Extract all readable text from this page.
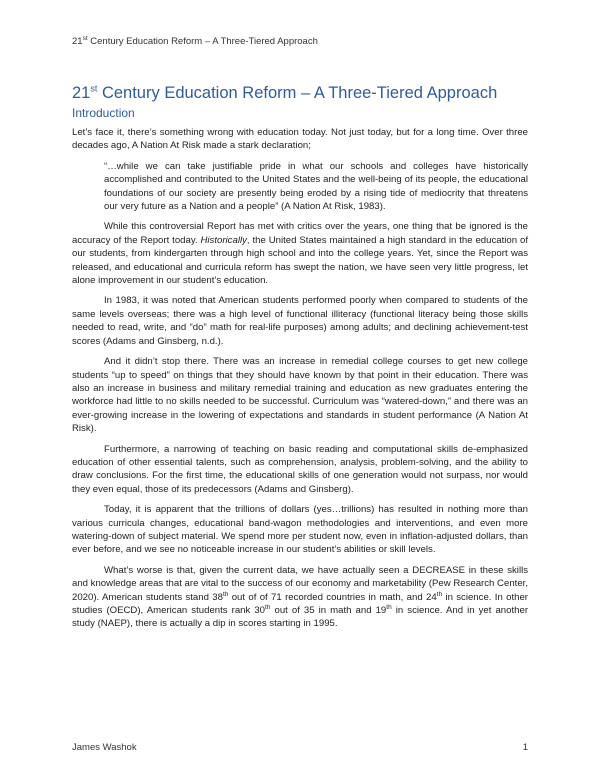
21st Century Education Reform – A Three-Tiered Approach
21st Century Education Reform – A Three-Tiered Approach
Introduction

Let’s face it, there’s something wrong with education today. Not just today, but for a long time. Over three decades ago, A Nation At Risk made a stark declaration;

“…while we can take justifiable pride in what our schools and colleges have historically accomplished and contributed to the United States and the well-being of its people, the educational foundations of our society are presently being eroded by a rising tide of mediocrity that threatens our very future as a Nation and a people” (A Nation At Risk, 1983).

While this controversial Report has met with critics over the years, one thing that be ignored is the accuracy of the Report today. Historically, the United States maintained a high standard in the education of our students, from kindergarten through high school and into the college years. Yet, since the Report was released, and educational and curricula reform has swept the nation, we have seen very little progress, let alone improvement in our student’s education.

In 1983, it was noted that American students performed poorly when compared to students of the same levels overseas; there was a high level of functional illiteracy (functional literacy being those skills needed to read, write, and “do” math for real-life purposes) among adults; and declining achievement-test scores (Adams and Ginsberg, n.d.).

And it didn’t stop there. There was an increase in remedial college courses to get new college students “up to speed” on things that they should have known by that point in their education. There was also an increase in business and military remedial training and education as new graduates entering the workforce had little to no skills needed to be successful. Curriculum was “watered-down,” and there was an ever-growing increase in the lowering of expectations and standards in student performance (A Nation At Risk).

Furthermore, a narrowing of teaching on basic reading and computational skills de-emphasized education of other essential talents, such as comprehension, analysis, problem-solving, and the ability to draw conclusions. For the first time, the educational skills of one generation would not surpass, nor would they even equal, those of its predecessors (Adams and Ginsberg).

Today, it is apparent that the trillions of dollars (yes…trillions) has resulted in nothing more than various curricula changes, educational band-wagon methodologies and interventions, and even more watering-down of subject material. We spend more per student now, even in inflation-adjusted dollars, than ever before, and we see no noticeable increase in our student’s abilities or skill levels.

What’s worse is that, given the current data, we have actually seen a DECREASE in these skills and knowledge areas that are vital to the success of our economy and marketability (Pew Research Center, 2020). American students stand 38th out of of 71 recorded countries in math, and 24th in science. In other studies (OECD), American students rank 30th out of 35 in math and 19th in science. And in yet another study (NAEP), there is actually a dip in scores starting in 1995.

James Washok	1
